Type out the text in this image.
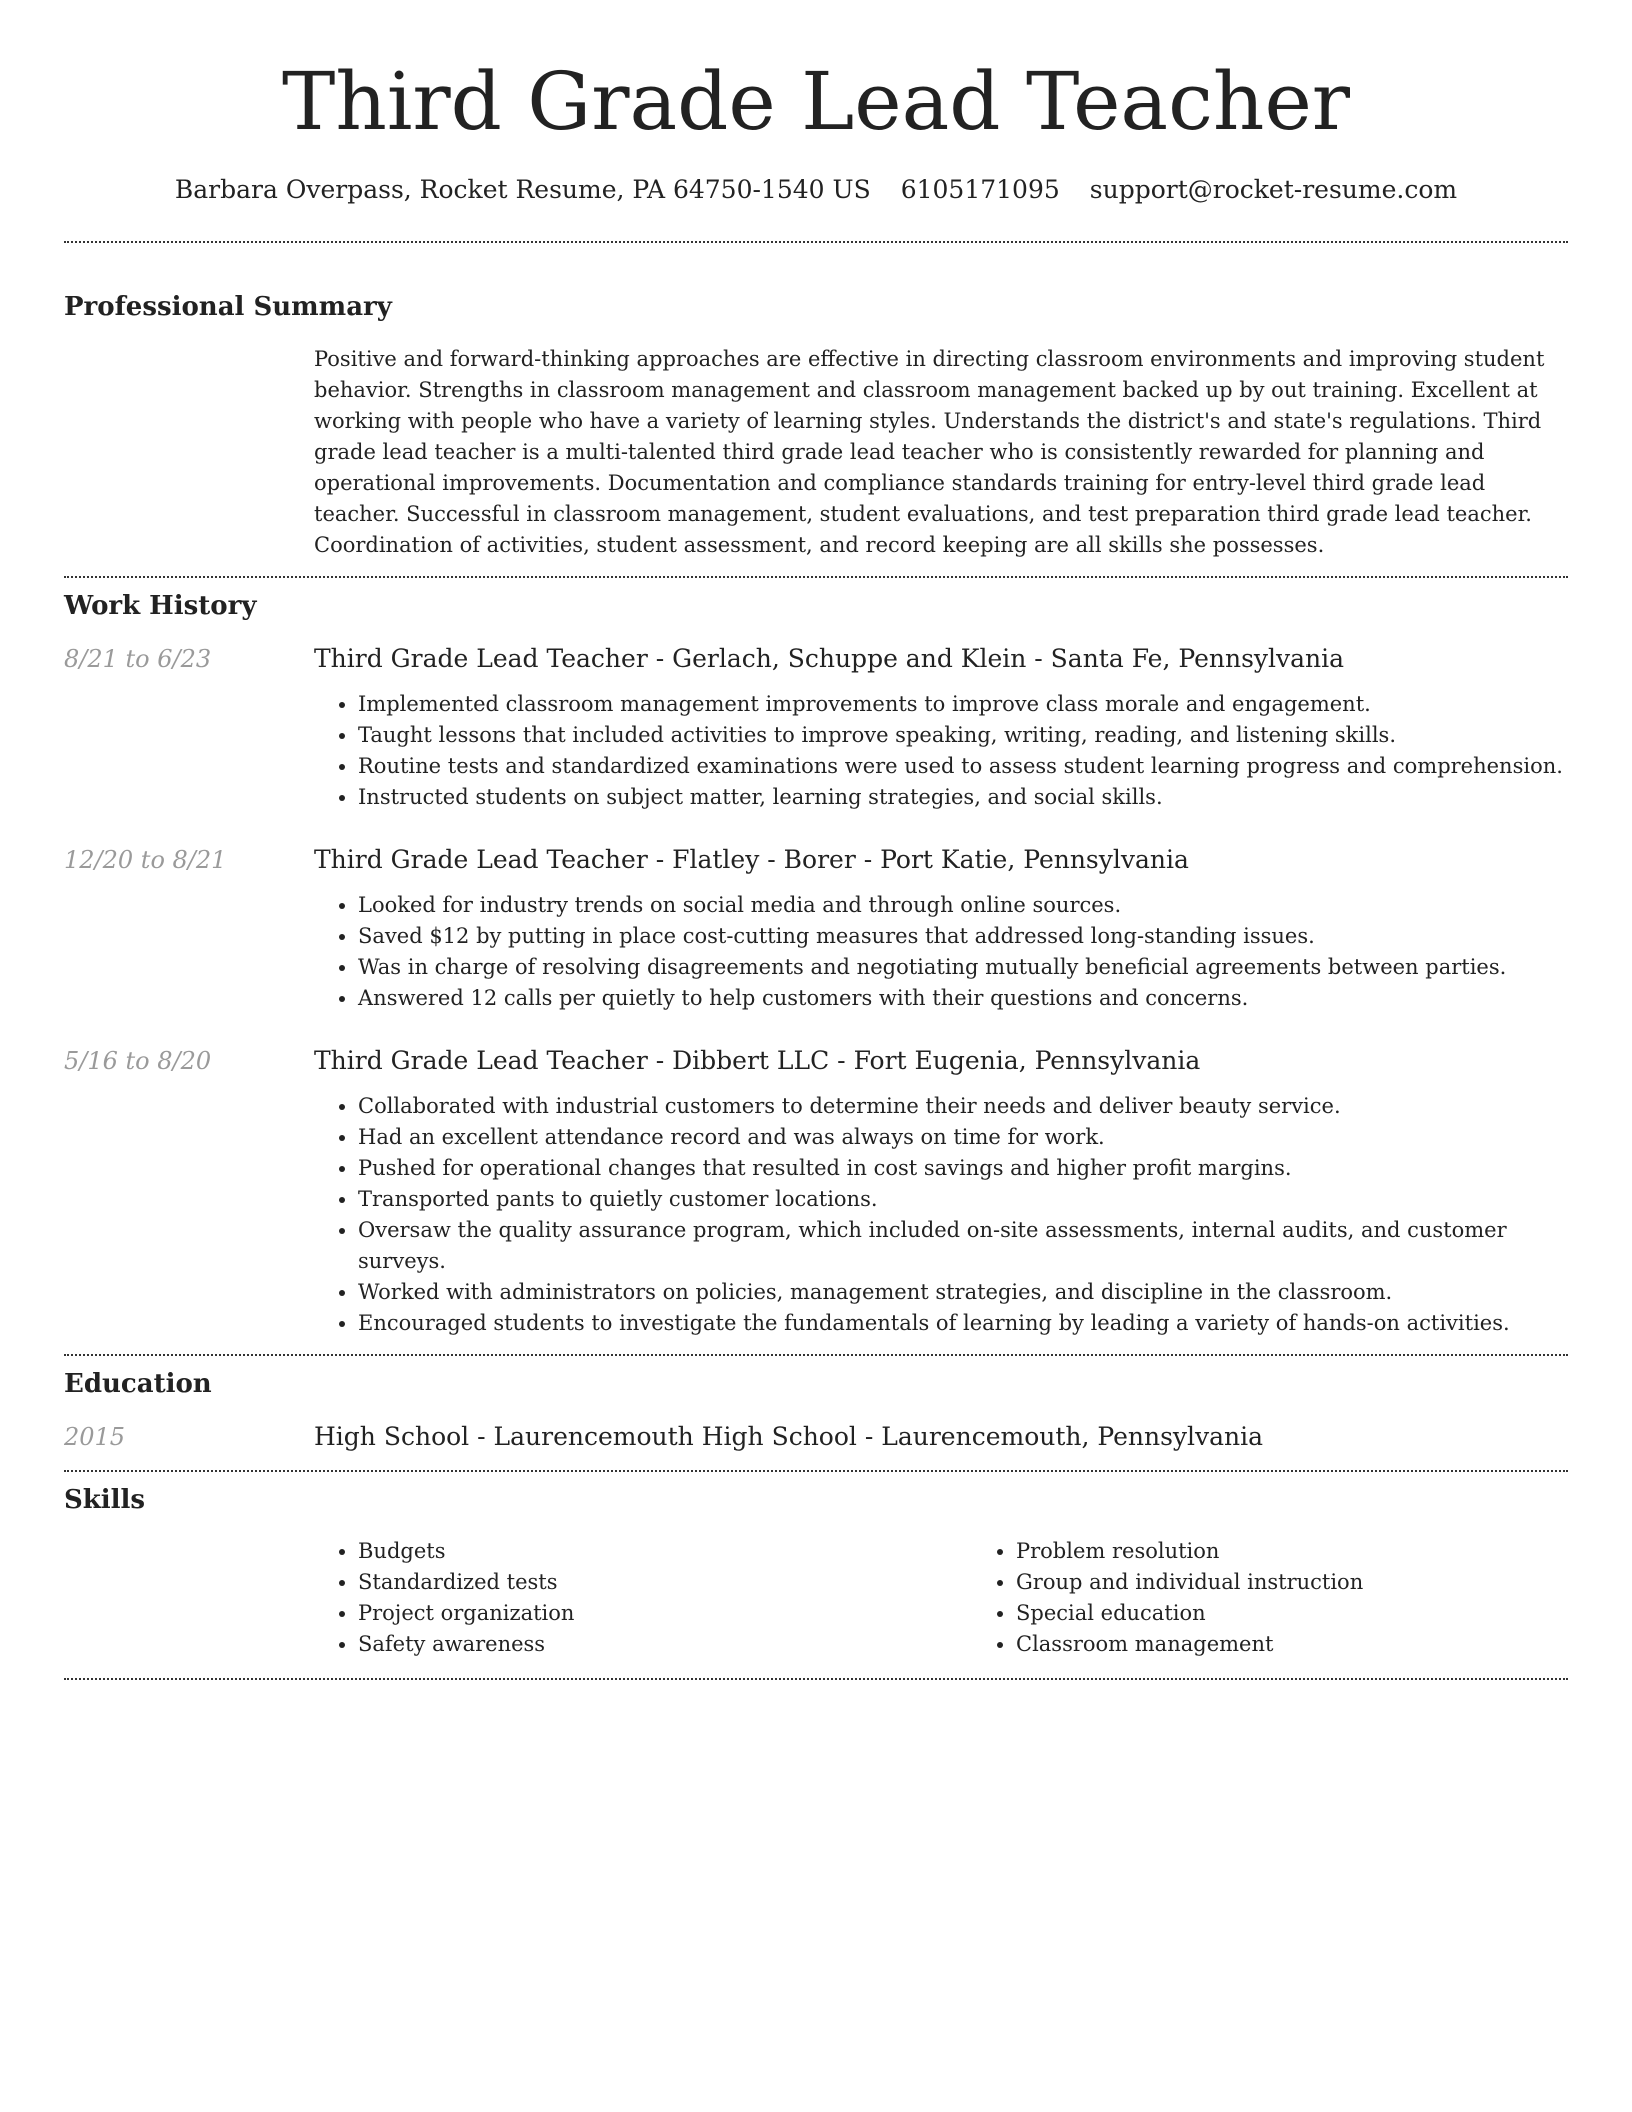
Third Grade Lead Teacher
Barbara Overpass, Rocket Resume, PA 64750-1540 US 6105171095 support@rocket-resume.com
Professional Summary
Positive and forward-thinking approaches are effective in directing classroom environments and improving student behavior. Strengths in classroom management and classroom management backed up by out training. Excellent at working with people who have a variety of learning styles. Understands the district's and state's regulations. Third grade lead teacher is a multi-talented third grade lead teacher who is consistently rewarded for planning and operational improvements. Documentation and compliance standards training for entry-level third grade lead teacher. Successful in classroom management, student evaluations, and test preparation third grade lead teacher. Coordination of activities, student assessment, and record keeping are all skills she possesses.
Work History
8/21 to 6/23	Third Grade Lead Teacher - Gerlach, Schuppe and Klein - Santa Fe, Pennsylvania
• Implemented classroom management improvements to improve class morale and engagement.
• Taught lessons that included activities to improve speaking, writing, reading, and listening skills.
• Routine tests and standardized examinations were used to assess student learning progress and comprehension.
• Instructed students on subject matter, learning strategies, and social skills.
12/20 to 8/21	Third Grade Lead Teacher - Flatley - Borer - Port Katie, Pennsylvania
• Looked for industry trends on social media and through online sources.
• Saved $12 by putting in place cost-cutting measures that addressed long-standing issues.
• Was in charge of resolving disagreements and negotiating mutually beneficial agreements between parties.
• Answered 12 calls per quietly to help customers with their questions and concerns.
5/16 to 8/20	Third Grade Lead Teacher - Dibbert LLC - Fort Eugenia, Pennsylvania
• Collaborated with industrial customers to determine their needs and deliver beauty service.
• Had an excellent attendance record and was always on time for work.
• Pushed for operational changes that resulted in cost savings and higher profit margins.
• Transported pants to quietly customer locations.
• Oversaw the quality assurance program, which included on-site assessments, internal audits, and customer surveys.
• Worked with administrators on policies, management strategies, and discipline in the classroom.
• Encouraged students to investigate the fundamentals of learning by leading a variety of hands-on activities.
Education
2015	High School - Laurencemouth High School - Laurencemouth, Pennsylvania
Skills
• Budgets
• Standardized tests
• Project organization
• Safety awareness
• Problem resolution
• Group and individual instruction
• Special education
• Classroom management
